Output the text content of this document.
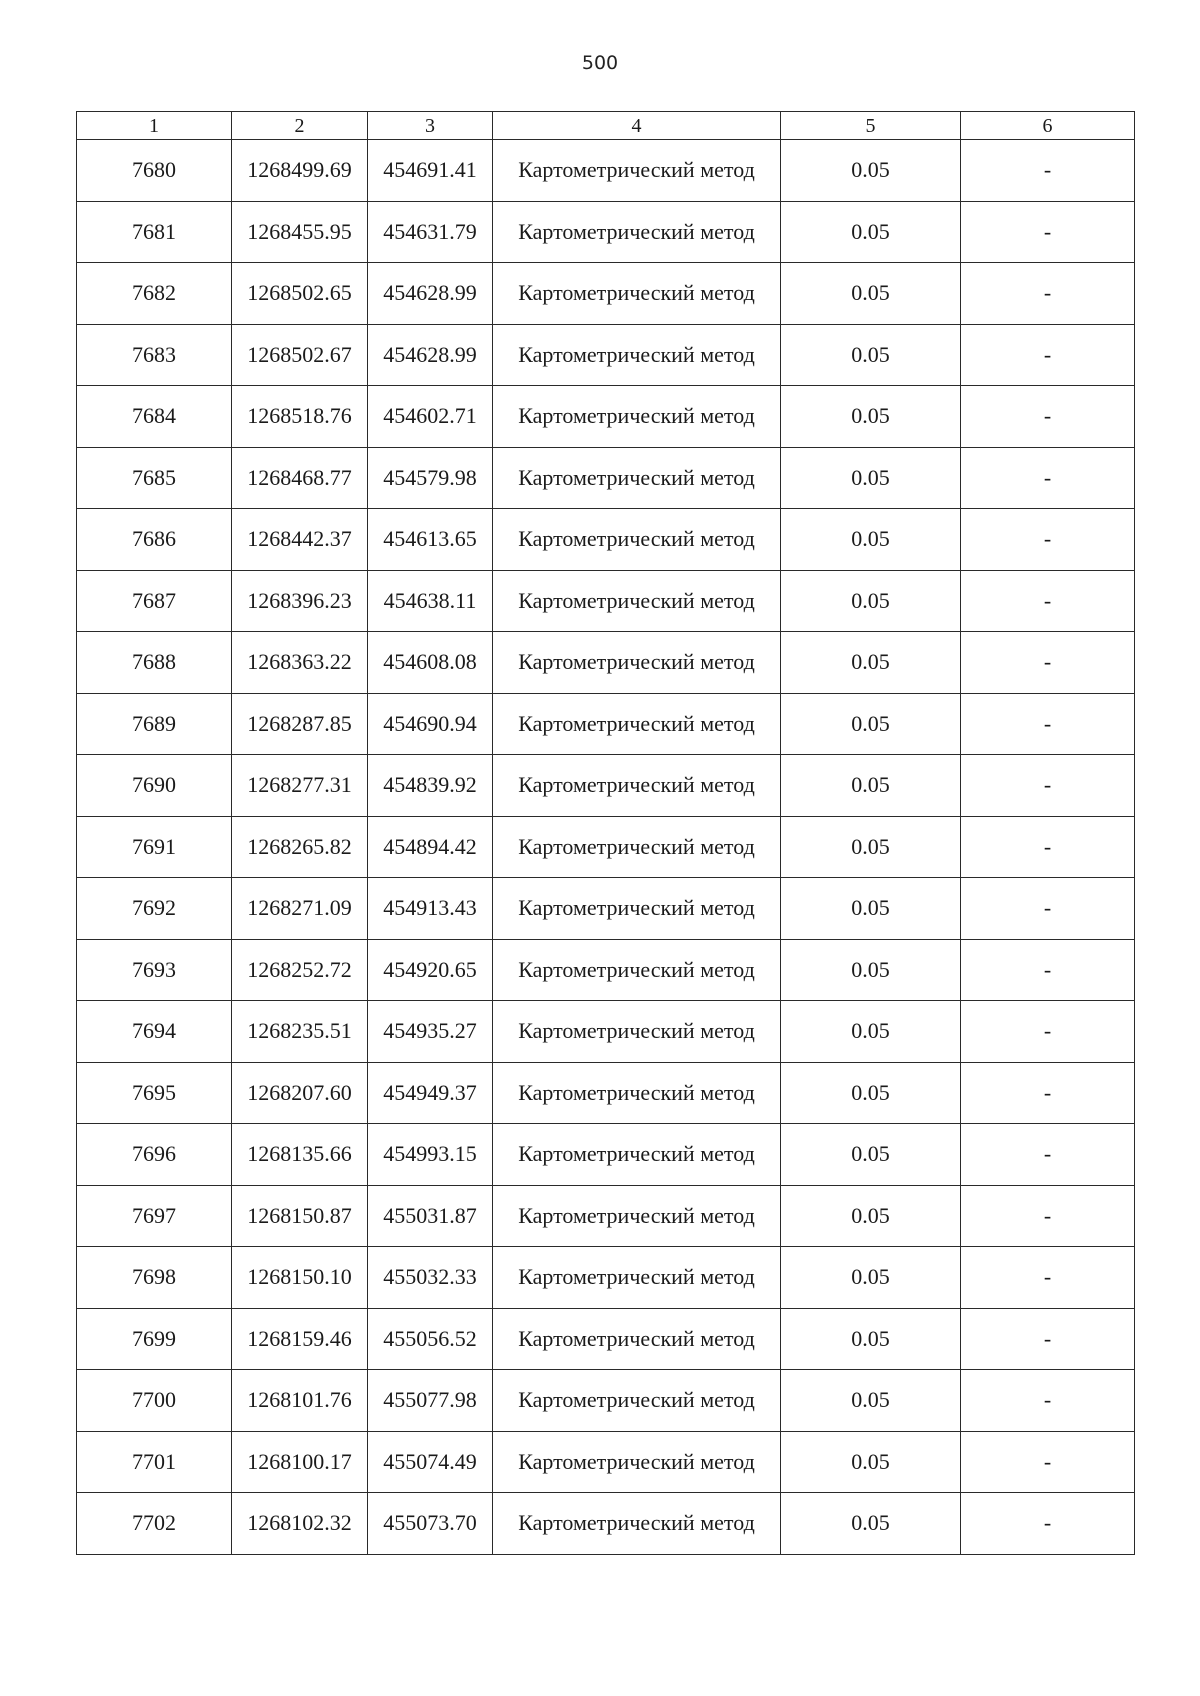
500
1	2	3	4	5	6
7680	1268499.69	454691.41	Картометрический метод	0.05	-
7681	1268455.95	454631.79	Картометрический метод	0.05	-
7682	1268502.65	454628.99	Картометрический метод	0.05	-
7683	1268502.67	454628.99	Картометрический метод	0.05	-
7684	1268518.76	454602.71	Картометрический метод	0.05	-
7685	1268468.77	454579.98	Картометрический метод	0.05	-
7686	1268442.37	454613.65	Картометрический метод	0.05	-
7687	1268396.23	454638.11	Картометрический метод	0.05	-
7688	1268363.22	454608.08	Картометрический метод	0.05	-
7689	1268287.85	454690.94	Картометрический метод	0.05	-
7690	1268277.31	454839.92	Картометрический метод	0.05	-
7691	1268265.82	454894.42	Картометрический метод	0.05	-
7692	1268271.09	454913.43	Картометрический метод	0.05	-
7693	1268252.72	454920.65	Картометрический метод	0.05	-
7694	1268235.51	454935.27	Картометрический метод	0.05	-
7695	1268207.60	454949.37	Картометрический метод	0.05	-
7696	1268135.66	454993.15	Картометрический метод	0.05	-
7697	1268150.87	455031.87	Картометрический метод	0.05	-
7698	1268150.10	455032.33	Картометрический метод	0.05	-
7699	1268159.46	455056.52	Картометрический метод	0.05	-
7700	1268101.76	455077.98	Картометрический метод	0.05	-
7701	1268100.17	455074.49	Картометрический метод	0.05	-
7702	1268102.32	455073.70	Картометрический метод	0.05	-
